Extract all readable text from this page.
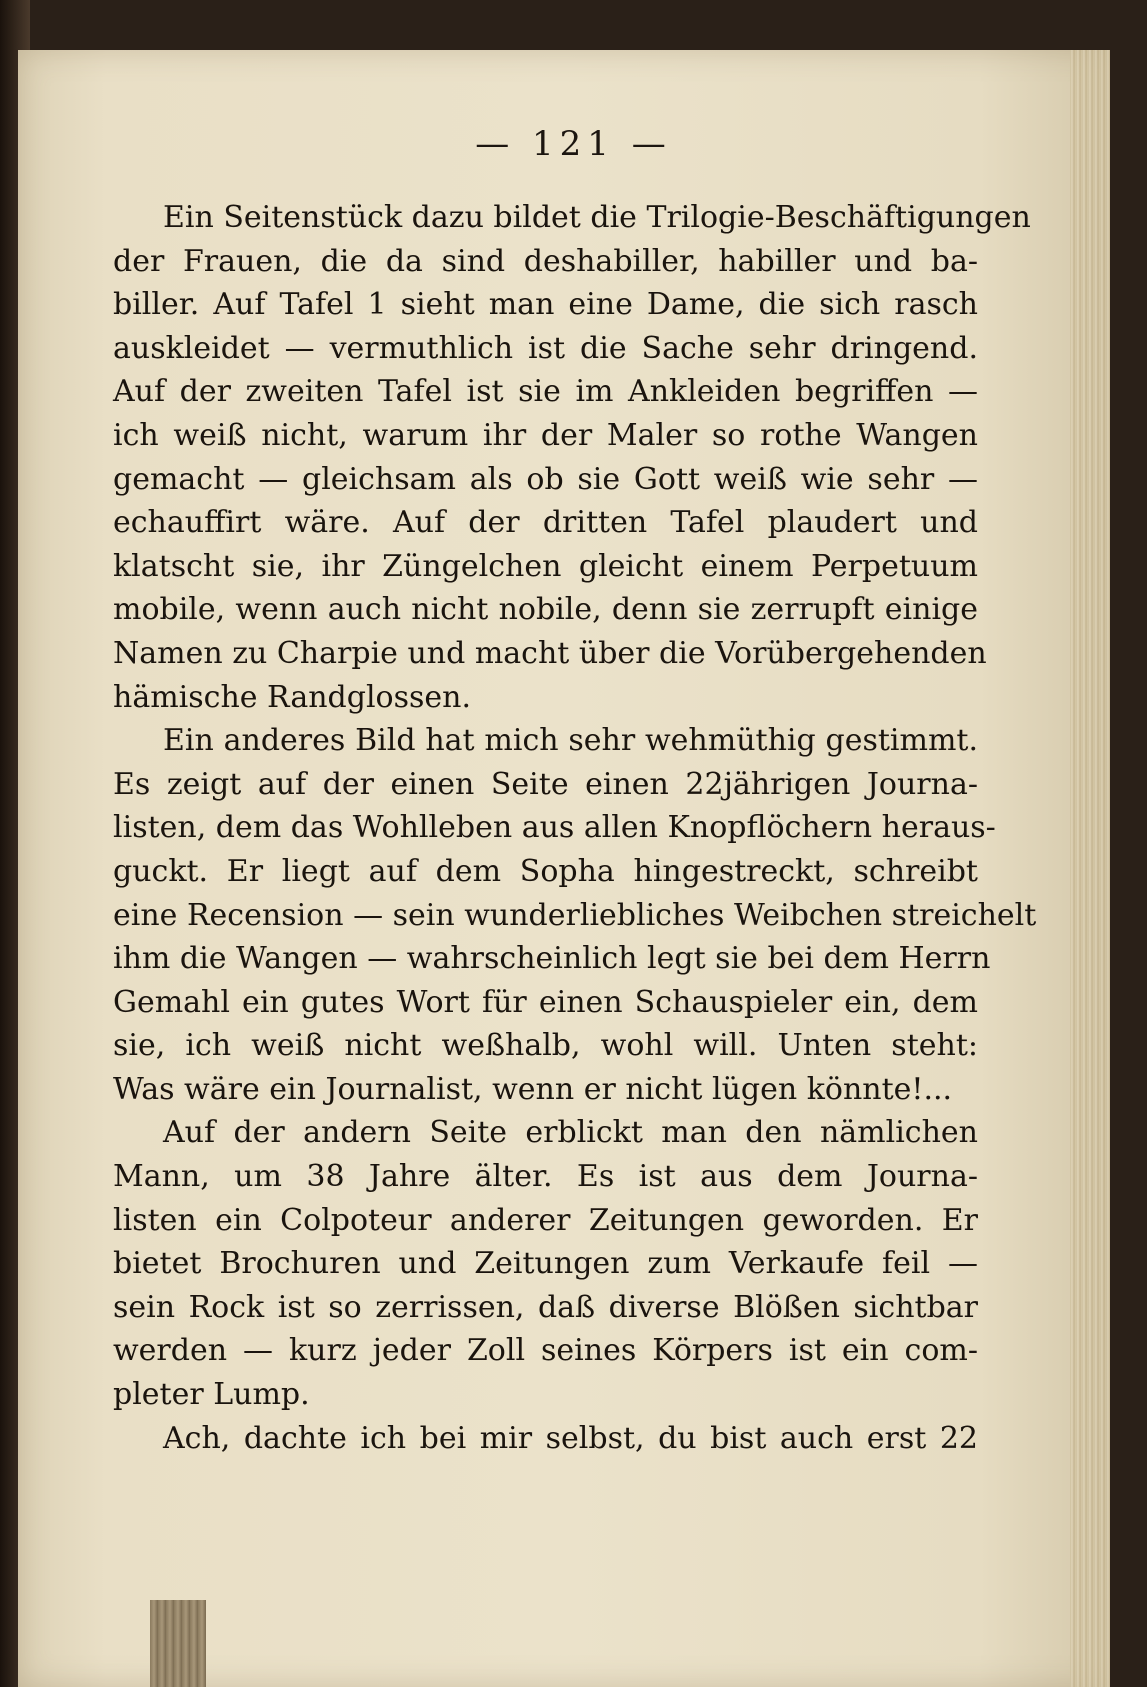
— 121 —
Ein Seitenstück dazu bildet die Trilogie-Beschäftigungen
der Frauen, die da sind deshabiller, habiller und ba-
biller. Auf Tafel 1 sieht man eine Dame, die sich rasch
auskleidet — vermuthlich ist die Sache sehr dringend.
Auf der zweiten Tafel ist sie im Ankleiden begriffen —
ich weiß nicht, warum ihr der Maler so rothe Wangen
gemacht — gleichsam als ob sie Gott weiß wie sehr —
echauffirt wäre. Auf der dritten Tafel plaudert und
klatscht sie, ihr Züngelchen gleicht einem Perpetuum
mobile, wenn auch nicht nobile, denn sie zerrupft einige
Namen zu Charpie und macht über die Vorübergehenden
hämische Randglossen.
Ein anderes Bild hat mich sehr wehmüthig gestimmt.
Es zeigt auf der einen Seite einen 22jährigen Journa-
listen, dem das Wohlleben aus allen Knopflöchern heraus-
guckt. Er liegt auf dem Sopha hingestreckt, schreibt
eine Recension — sein wunderliebliches Weibchen streichelt
ihm die Wangen — wahrscheinlich legt sie bei dem Herrn
Gemahl ein gutes Wort für einen Schauspieler ein, dem
sie, ich weiß nicht weßhalb, wohl will. Unten steht:
Was wäre ein Journalist, wenn er nicht lügen könnte!...
Auf der andern Seite erblickt man den nämlichen
Mann, um 38 Jahre älter. Es ist aus dem Journa-
listen ein Colpoteur anderer Zeitungen geworden. Er
bietet Brochuren und Zeitungen zum Verkaufe feil —
sein Rock ist so zerrissen, daß diverse Blößen sichtbar
werden — kurz jeder Zoll seines Körpers ist ein com-
pleter Lump.
Ach, dachte ich bei mir selbst, du bist auch erst 22
